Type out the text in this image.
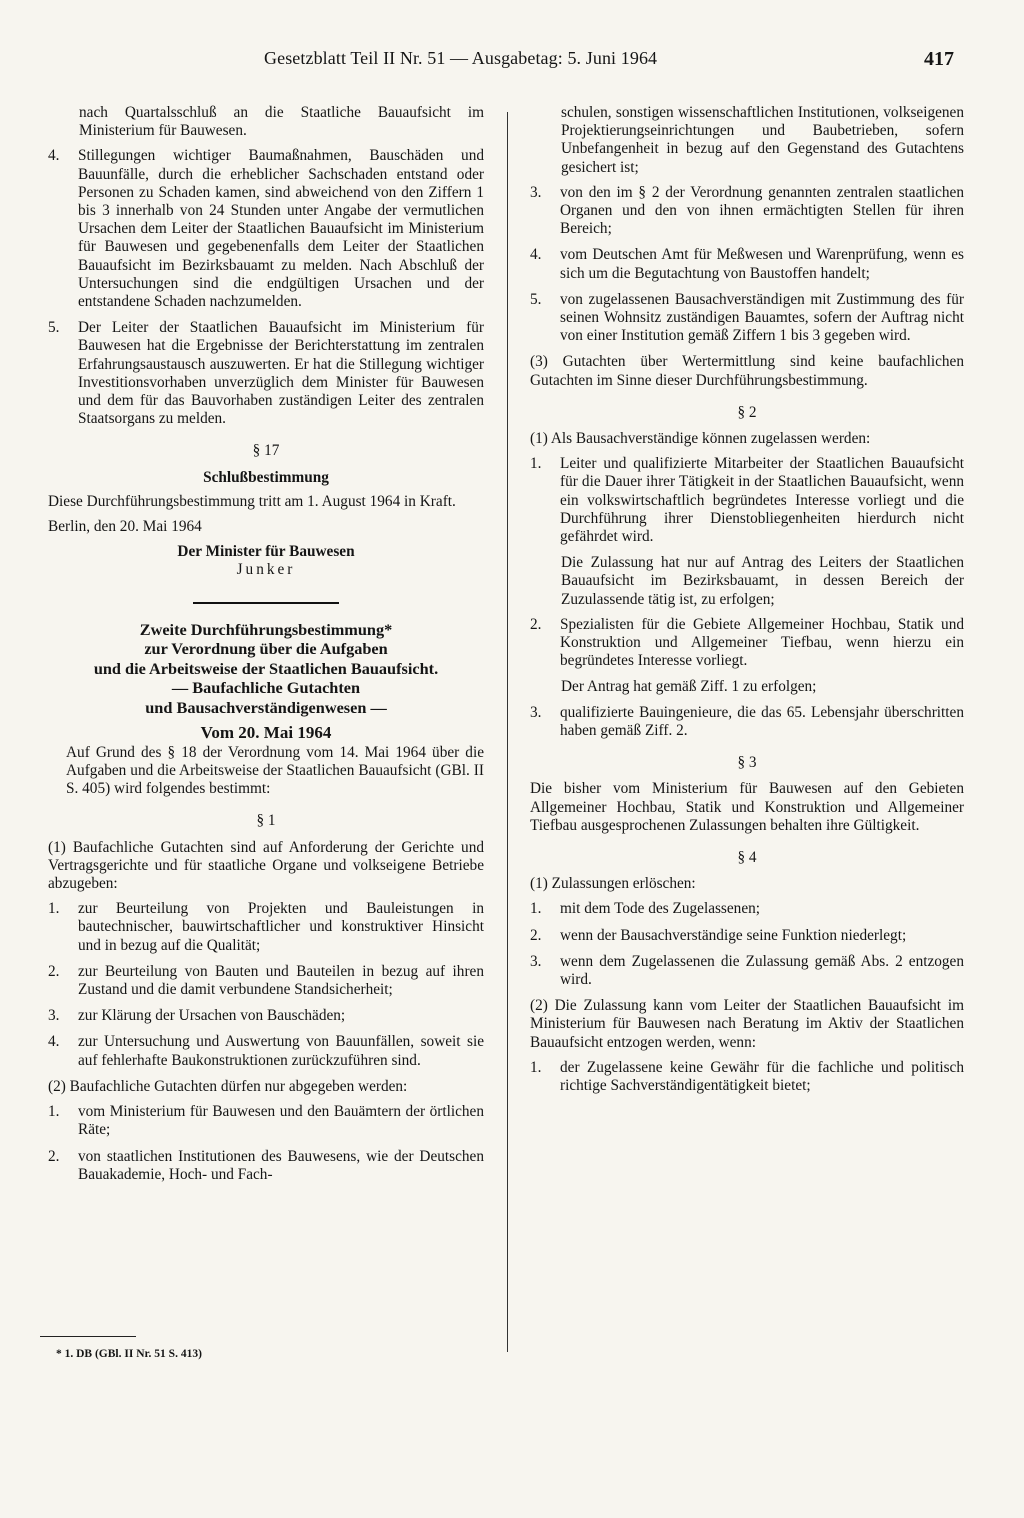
Gesetzblatt Teil II Nr. 51 — Ausgabetag: 5. Juni 1964	417

nach Quartalsschluß an die Staatliche Bauaufsicht im Ministerium für Bauwesen.

4.	Stillegungen wichtiger Baumaßnahmen, Bauschäden und Bauunfälle, durch die erheblicher Sachschaden entstand oder Personen zu Schaden kamen, sind abweichend von den Ziffern 1 bis 3 innerhalb von 24 Stunden unter Angabe der vermutlichen Ursachen dem Leiter der Staatlichen Bauaufsicht im Ministerium für Bauwesen und gegebenenfalls dem Leiter der Staatlichen Bauaufsicht im Bezirksbauamt zu melden. Nach Abschluß der Untersuchungen sind die endgültigen Ursachen und der entstandene Schaden nachzumelden.
5.	Der Leiter der Staatlichen Bauaufsicht im Ministerium für Bauwesen hat die Ergebnisse der Berichterstattung im zentralen Erfahrungsaustausch auszuwerten. Er hat die Stillegung wichtiger Investitionsvorhaben unverzüglich dem Minister für Bauwesen und dem für das Bauvorhaben zuständigen Leiter des zentralen Staatsorgans zu melden.
§ 17
Schlußbestimmung

Diese Durchführungsbestimmung tritt am 1. August 1964 in Kraft.

Berlin, den 20. Mai 1964

Der Minister für Bauwesen
Junker
Zweite Durchführungsbestimmung*
zur Verordnung über die Aufgaben
und die Arbeitsweise der Staatlichen Bauaufsicht.
— Baufachliche Gutachten
und Bausachverständigenwesen —
Vom 20. Mai 1964

Auf Grund des § 18 der Verordnung vom 14. Mai 1964 über die Aufgaben und die Arbeitsweise der Staatlichen Bauaufsicht (GBl. II S. 405) wird folgendes bestimmt:

§ 1

(1) Baufachliche Gutachten sind auf Anforderung der Gerichte und Vertragsgerichte und für staatliche Organe und volkseigene Betriebe abzugeben:

1.	zur Beurteilung von Projekten und Bauleistungen in bautechnischer, bauwirtschaftlicher und konstruktiver Hinsicht und in bezug auf die Qualität;
2.	zur Beurteilung von Bauten und Bauteilen in bezug auf ihren Zustand und die damit verbundene Standsicherheit;
3.	zur Klärung der Ursachen von Bauschäden;
4.	zur Untersuchung und Auswertung von Bauunfällen, soweit sie auf fehlerhafte Baukonstruktionen zurückzuführen sind.

(2) Baufachliche Gutachten dürfen nur abgegeben werden:

1.	vom Ministerium für Bauwesen und den Bauämtern der örtlichen Räte;
2.	von staatlichen Institutionen des Bauwesens, wie der Deutschen Bauakademie, Hoch- und Fach-

schulen, sonstigen wissenschaftlichen Institutionen, volkseigenen Projektierungseinrichtungen und Baubetrieben, sofern Unbefangenheit in bezug auf den Gegenstand des Gutachtens gesichert ist;

3.	von den im § 2 der Verordnung genannten zentralen staatlichen Organen und den von ihnen ermächtigten Stellen für ihren Bereich;
4.	vom Deutschen Amt für Meßwesen und Warenprüfung, wenn es sich um die Begutachtung von Baustoffen handelt;
5.	von zugelassenen Bausachverständigen mit Zustimmung des für seinen Wohnsitz zuständigen Bauamtes, sofern der Auftrag nicht von einer Institution gemäß Ziffern 1 bis 3 gegeben wird.

(3) Gutachten über Wertermittlung sind keine baufachlichen Gutachten im Sinne dieser Durchführungsbestimmung.

§ 2

(1) Als Bausachverständige können zugelassen werden:

1.	Leiter und qualifizierte Mitarbeiter der Staatlichen Bauaufsicht für die Dauer ihrer Tätigkeit in der Staatlichen Bauaufsicht, wenn ein volkswirtschaftlich begründetes Interesse vorliegt und die Durchführung ihrer Dienstobliegenheiten hierdurch nicht gefährdet wird.

Die Zulassung hat nur auf Antrag des Leiters der Staatlichen Bauaufsicht im Bezirksbauamt, in dessen Bereich der Zuzulassende tätig ist, zu erfolgen;

2.	Spezialisten für die Gebiete Allgemeiner Hochbau, Statik und Konstruktion und Allgemeiner Tiefbau, wenn hierzu ein begründetes Interesse vorliegt.

Der Antrag hat gemäß Ziff. 1 zu erfolgen;

3.	qualifizierte Bauingenieure, die das 65. Lebensjahr überschritten haben gemäß Ziff. 2.
§ 3

Die bisher vom Ministerium für Bauwesen auf den Gebieten Allgemeiner Hochbau, Statik und Konstruktion und Allgemeiner Tiefbau ausgesprochenen Zulassungen behalten ihre Gültigkeit.

§ 4

(1) Zulassungen erlöschen:

1.	mit dem Tode des Zugelassenen;
2.	wenn der Bausachverständige seine Funktion niederlegt;
3.	wenn dem Zugelassenen die Zulassung gemäß Abs. 2 entzogen wird.

(2) Die Zulassung kann vom Leiter der Staatlichen Bauaufsicht im Ministerium für Bauwesen nach Beratung im Aktiv der Staatlichen Bauaufsicht entzogen werden, wenn:

1.	der Zugelassene keine Gewähr für die fachliche und politisch richtige Sachverständigentätigkeit bietet;
* 1. DB (GBl. II Nr. 51 S. 413)
